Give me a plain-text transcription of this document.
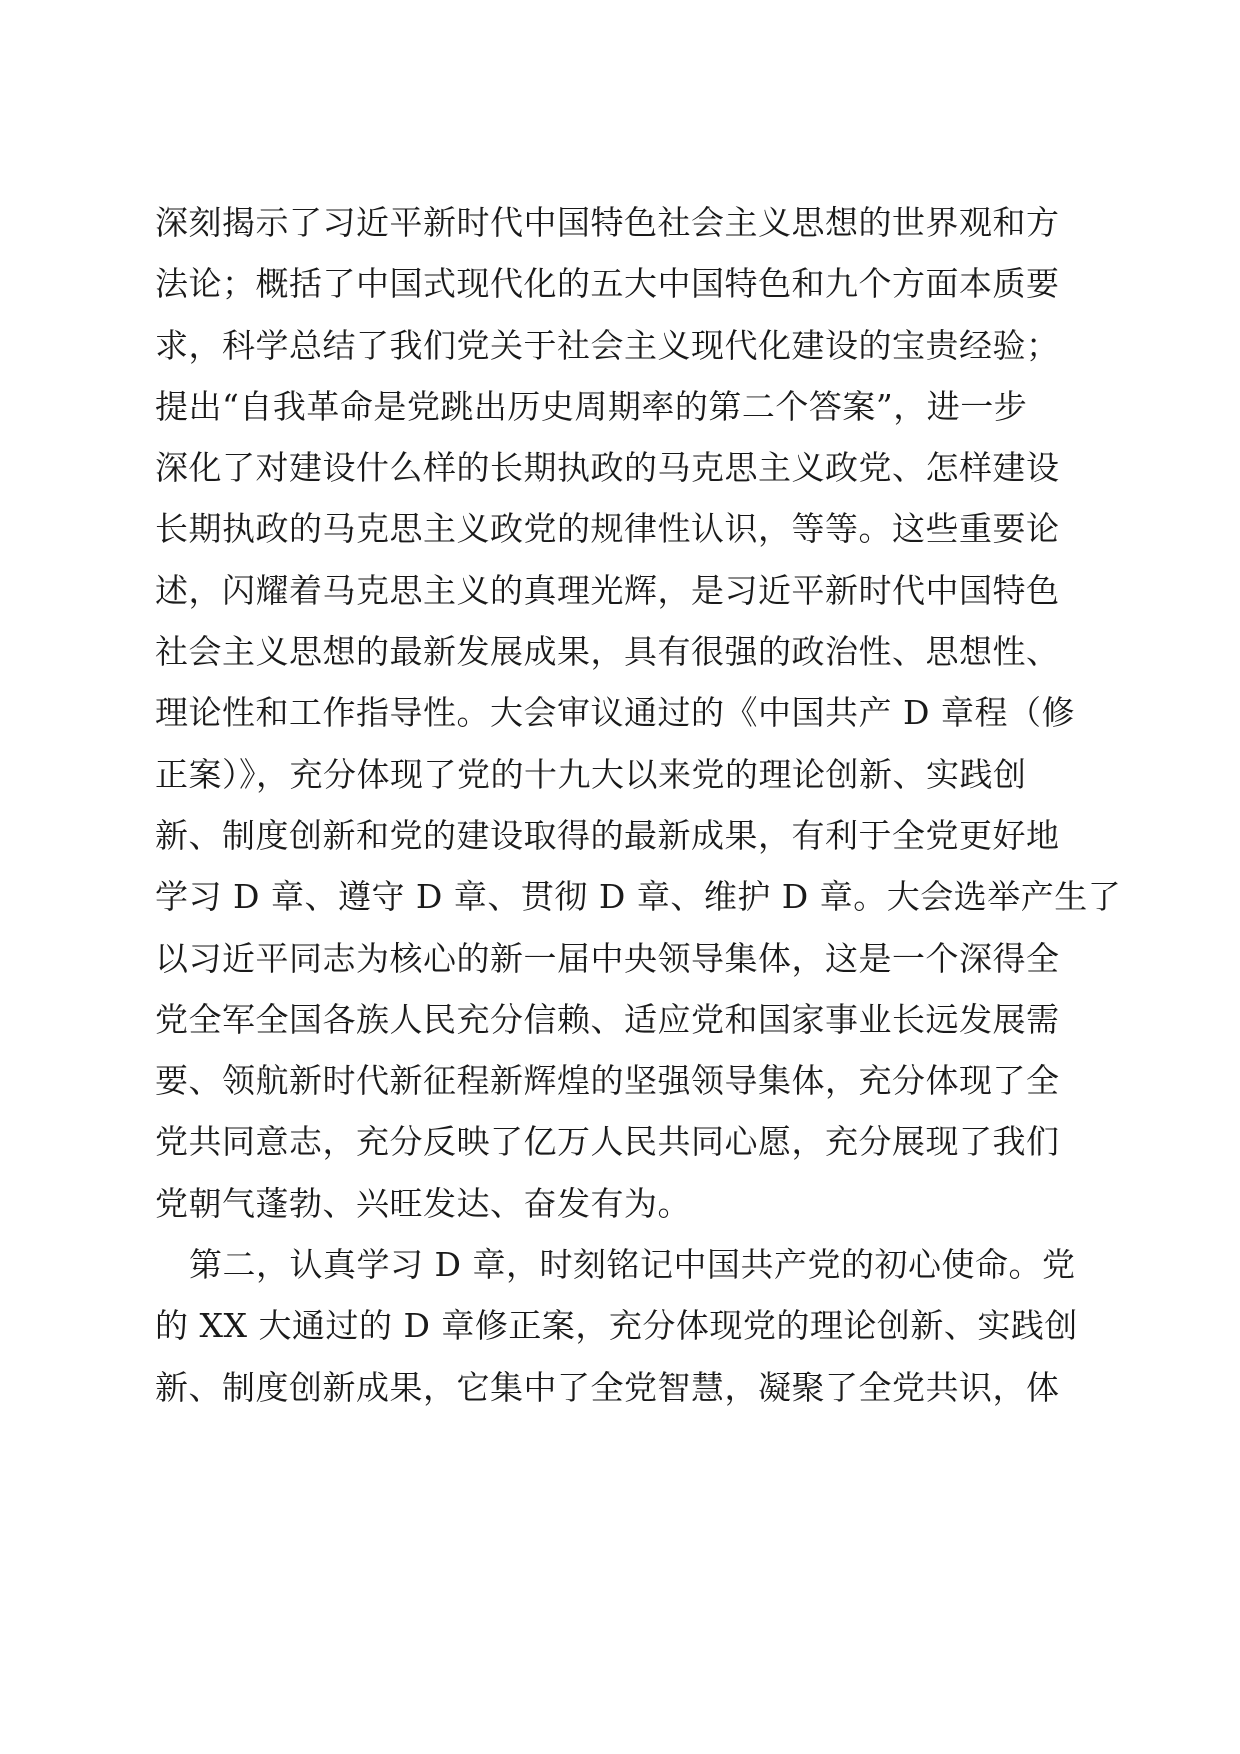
深刻揭示了习近平新时代中国特色社会主义思想的世界观和方
法论；概括了中国式现代化的五大中国特色和九个方面本质要
求，科学总结了我们党关于社会主义现代化建设的宝贵经验；
提出“自我革命是党跳出历史周期率的第二个答案”，进一步
深化了对建设什么样的长期执政的马克思主义政党、怎样建设
长期执政的马克思主义政党的规律性认识，等等。这些重要论
述，闪耀着马克思主义的真理光辉，是习近平新时代中国特色
社会主义思想的最新发展成果，具有很强的政治性、思想性、
理论性和工作指导性。大会审议通过的《中国共产 D 章程（修
正案）》，充分体现了党的十九大以来党的理论创新、实践创
新、制度创新和党的建设取得的最新成果，有利于全党更好地
学习 D 章、遵守 D 章、贯彻 D 章、维护 D 章。大会选举产生了
以习近平同志为核心的新一届中央领导集体，这是一个深得全
党全军全国各族人民充分信赖、适应党和国家事业长远发展需
要、领航新时代新征程新辉煌的坚强领导集体，充分体现了全
党共同意志，充分反映了亿万人民共同心愿，充分展现了我们
党朝气蓬勃、兴旺发达、奋发有为。
第二，认真学习 D 章，时刻铭记中国共产党的初心使命。党
的 XX 大通过的 D 章修正案，充分体现党的理论创新、实践创
新、制度创新成果，它集中了全党智慧，凝聚了全党共识，体
